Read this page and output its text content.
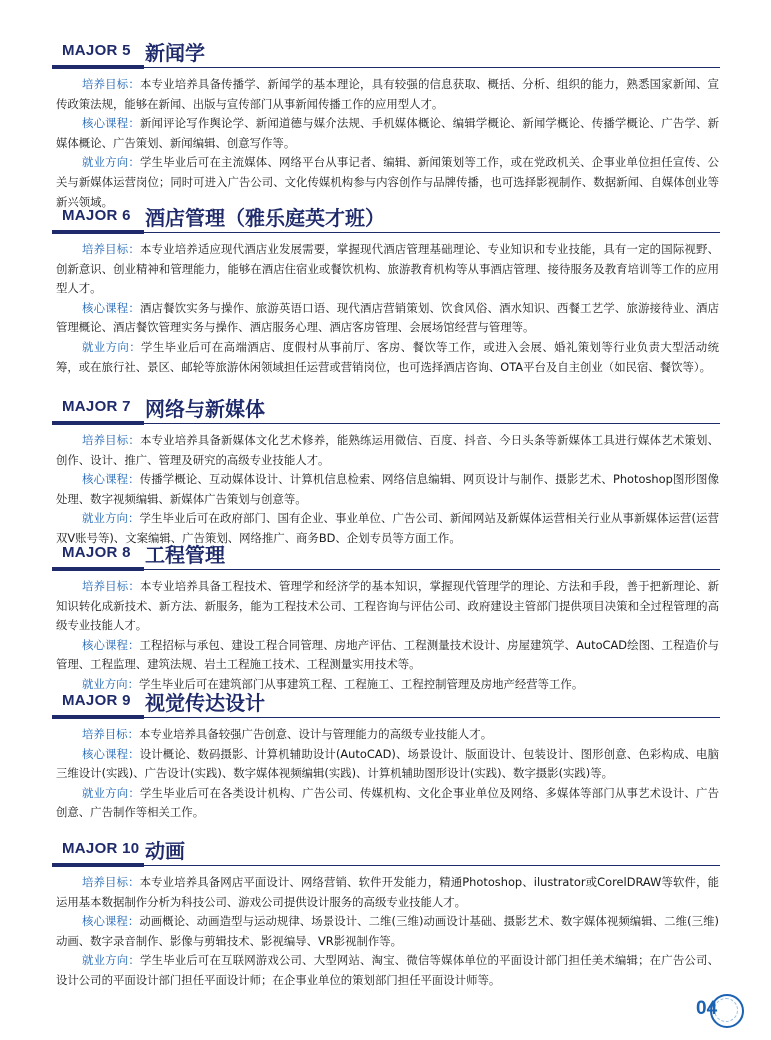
MAJOR 5 新闻学

培养目标：本专业培养具备传播学、新闻学的基本理论，具有较强的信息获取、概括、分析、组织的能力，熟悉国家新闻、宣传政策法规，能够在新闻、出版与宣传部门从事新闻传播工作的应用型人才。

核心课程：新闻评论写作舆论学、新闻道德与媒介法规、手机媒体概论、编辑学概论、新闻学概论、传播学概论、广告学、新媒体概论、广告策划、新闻编辑、创意写作等。

就业方向：学生毕业后可在主流媒体、网络平台从事记者、编辑、新闻策划等工作，或在党政机关、企事业单位担任宣传、公关与新媒体运营岗位；同时可进入广告公司、文化传媒机构参与内容创作与品牌传播，也可选择影视制作、数据新闻、自媒体创业等新兴领域。

MAJOR 6 酒店管理（雅乐庭英才班）

培养目标：本专业培养适应现代酒店业发展需要，掌握现代酒店管理基础理论、专业知识和专业技能，具有一定的国际视野、创新意识、创业精神和管理能力，能够在酒店住宿业或餐饮机构、旅游教育机构等从事酒店管理、接待服务及教育培训等工作的应用型人才。

核心课程：酒店餐饮实务与操作、旅游英语口语、现代酒店营销策划、饮食风俗、酒水知识、西餐工艺学、旅游接待业、酒店管理概论、酒店餐饮管理实务与操作、酒店服务心理、酒店客房管理、会展场馆经营与管理等。

就业方向：学生毕业后可在高端酒店、度假村从事前厅、客房、餐饮等工作，或进入会展、婚礼策划等行业负责大型活动统筹，或在旅行社、景区、邮轮等旅游休闲领域担任运营或营销岗位，也可选择酒店咨询、OTA平台及自主创业（如民宿、餐饮等）。

MAJOR 7 网络与新媒体

培养目标：本专业培养具备新媒体文化艺术修养，能熟练运用微信、百度、抖音、今日头条等新媒体工具进行媒体艺术策划、创作、设计、推广、管理及研究的高级专业技能人才。

核心课程：传播学概论、互动媒体设计、计算机信息检索、网络信息编辑、网页设计与制作、摄影艺术、Photoshop图形图像处理、数字视频编辑、新媒体广告策划与创意等。

就业方向：学生毕业后可在政府部门、国有企业、事业单位、广告公司、新闻网站及新媒体运营相关行业从事新媒体运营(运营双V账号等)、文案编辑、广告策划、网络推广、商务BD、企划专员等方面工作。

MAJOR 8 工程管理

培养目标：本专业培养具备工程技术、管理学和经济学的基本知识，掌握现代管理学的理论、方法和手段，善于把新理论、新知识转化成新技术、新方法、新服务，能为工程技术公司、工程咨询与评估公司、政府建设主管部门提供项目决策和全过程管理的高级专业技能人才。

核心课程：工程招标与承包、建设工程合同管理、房地产评估、工程测量技术设计、房屋建筑学、AutoCAD绘图、工程造价与管理、工程监理、建筑法规、岩土工程施工技术、工程测量实用技术等。

就业方向：学生毕业后可在建筑部门从事建筑工程、工程施工、工程控制管理及房地产经营等工作。

MAJOR 9 视觉传达设计

培养目标：本专业培养具备较强广告创意、设计与管理能力的高级专业技能人才。

核心课程：设计概论、数码摄影、计算机辅助设计(AutoCAD)、场景设计、版面设计、包装设计、图形创意、色彩构成、电脑三维设计(实践)、广告设计(实践)、数字媒体视频编辑(实践)、计算机辅助图形设计(实践)、数字摄影(实践)等。

就业方向：学生毕业后可在各类设计机构、广告公司、传媒机构、文化企事业单位及网络、多媒体等部门从事艺术设计、广告创意、广告制作等相关工作。

MAJOR 10 动画

培养目标：本专业培养具备网店平面设计、网络营销、软件开发能力，精通Photoshop、ilustrator或CorelDRAW等软件，能运用基本数据制作分析为科技公司、游戏公司提供设计服务的高级专业技能人才。

核心课程：动画概论、动画造型与运动规律、场景设计、二维(三维)动画设计基础、摄影艺术、数字媒体视频编辑、二维(三维)动画、数字录音制作、影像与剪辑技术、影视编导、VR影视制作等。

就业方向：学生毕业后可在互联网游戏公司、大型网站、淘宝、微信等媒体单位的平面设计部门担任美术编辑；在广告公司、设计公司的平面设计部门担任平面设计师；在企事业单位的策划部门担任平面设计师等。

04
